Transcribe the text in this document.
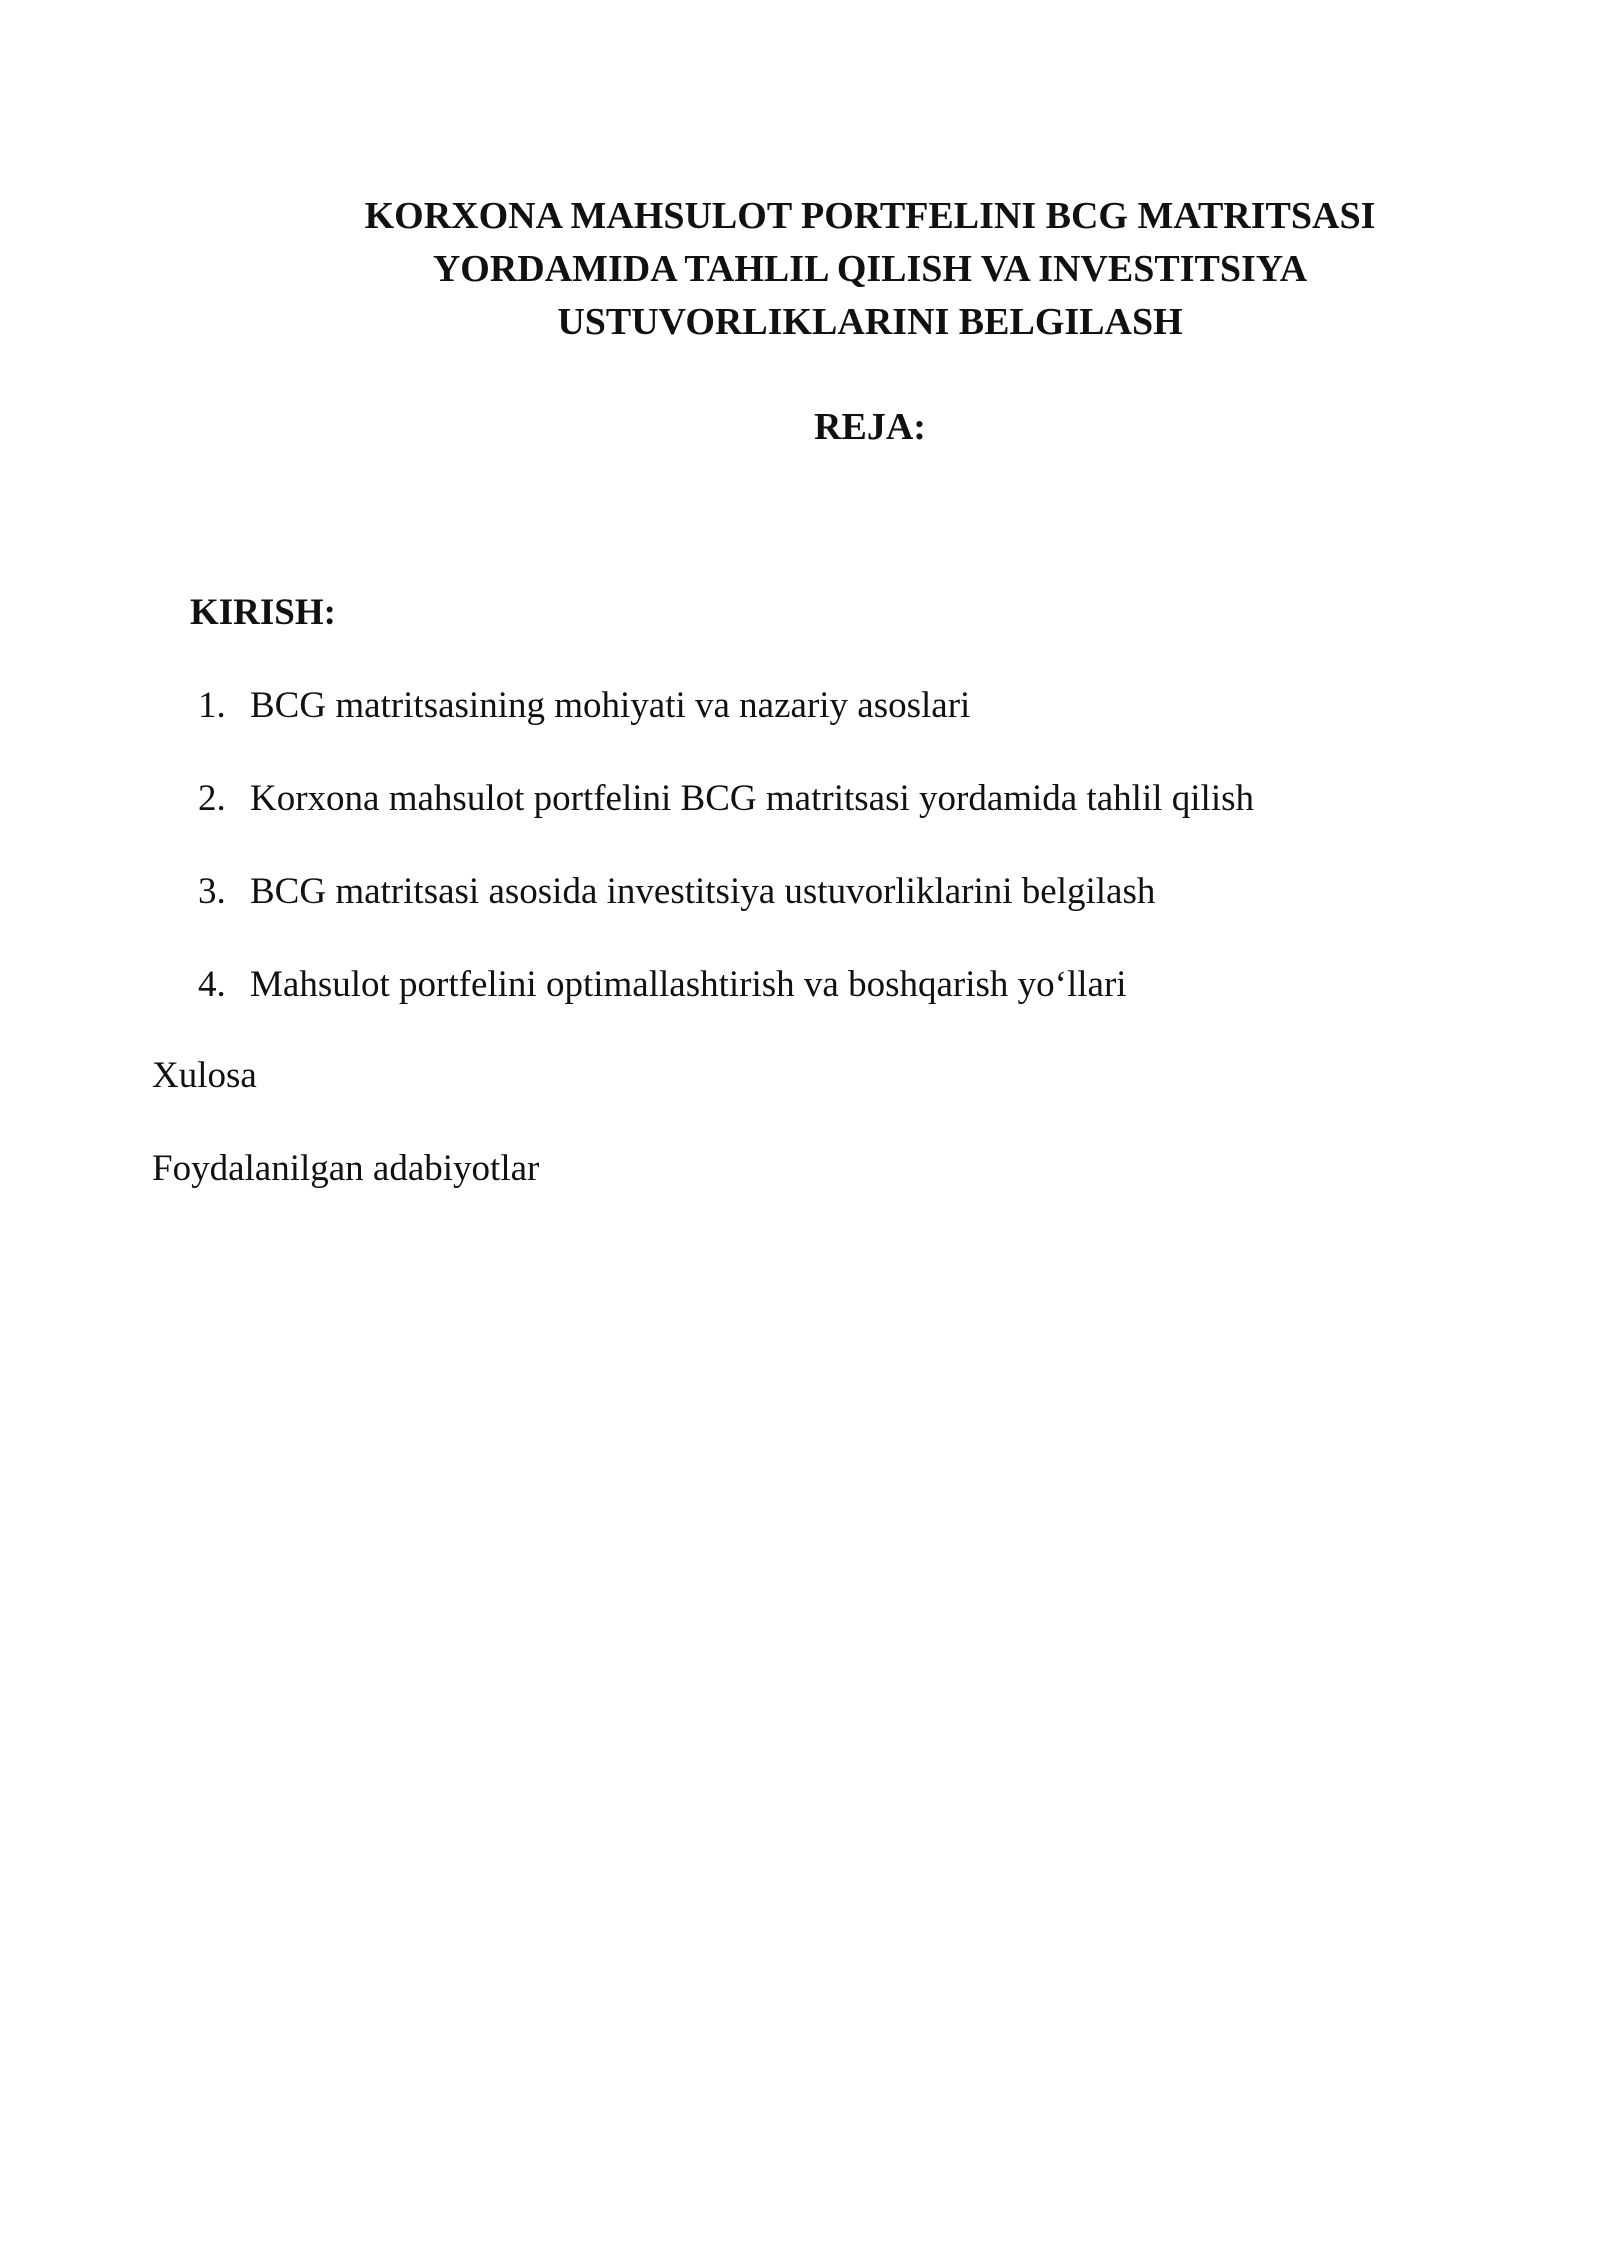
KORXONA MAHSULOT PORTFELINI BCG MATRITSASI
YORDAMIDA TAHLIL QILISH VA INVESTITSIYA
USTUVORLIKLARINI BELGILASH
REJA:
KIRISH:
1. BCG matritsasining mohiyati va nazariy asoslari
2. Korxona mahsulot portfelini BCG matritsasi yordamida tahlil qilish
3. BCG matritsasi asosida investitsiya ustuvorliklarini belgilash
4. Mahsulot portfelini optimallashtirish va boshqarish yo‘llari

Xulosa

Foydalanilgan adabiyotlar
